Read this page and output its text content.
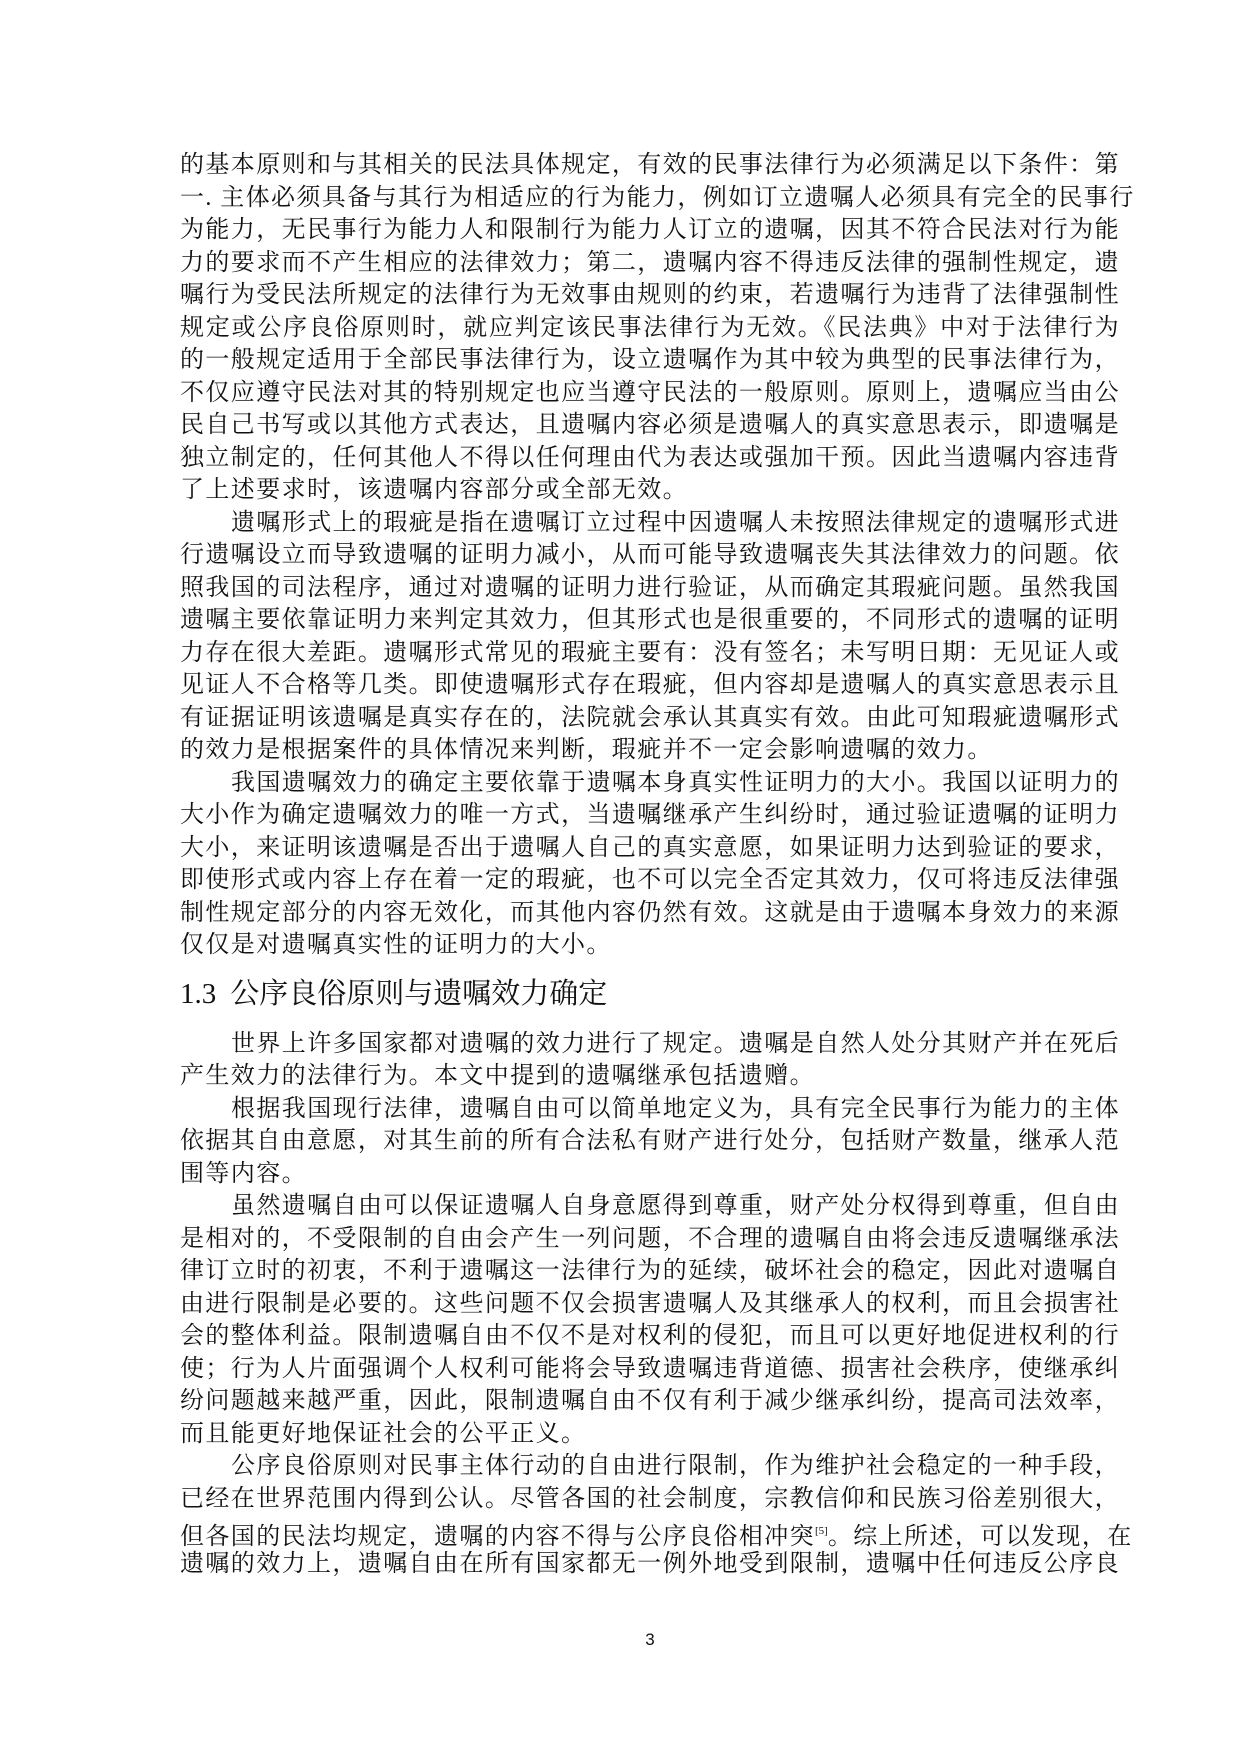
的基本原则和与其相关的民法具体规定，有效的民事法律行为必须满足以下条件：第
一. 主体必须具备与其行为相适应的行为能力，例如订立遗嘱人必须具有完全的民事行
为能力，无民事行为能力人和限制行为能力人订立的遗嘱，因其不符合民法对行为能
力的要求而不产生相应的法律效力；第二，遗嘱内容不得违反法律的强制性规定，遗
嘱行为受民法所规定的法律行为无效事由规则的约束，若遗嘱行为违背了法律强制性
规定或公序良俗原则时，就应判定该民事法律行为无效。《民法典》中对于法律行为
的一般规定适用于全部民事法律行为，设立遗嘱作为其中较为典型的民事法律行为，
不仅应遵守民法对其的特别规定也应当遵守民法的一般原则。原则上，遗嘱应当由公
民自己书写或以其他方式表达，且遗嘱内容必须是遗嘱人的真实意思表示，即遗嘱是
独立制定的，任何其他人不得以任何理由代为表达或强加干预。因此当遗嘱内容违背
了上述要求时，该遗嘱内容部分或全部无效。
遗嘱形式上的瑕疵是指在遗嘱订立过程中因遗嘱人未按照法律规定的遗嘱形式进
行遗嘱设立而导致遗嘱的证明力减小，从而可能导致遗嘱丧失其法律效力的问题。依
照我国的司法程序，通过对遗嘱的证明力进行验证，从而确定其瑕疵问题。虽然我国
遗嘱主要依靠证明力来判定其效力，但其形式也是很重要的，不同形式的遗嘱的证明
力存在很大差距。遗嘱形式常见的瑕疵主要有：没有签名；未写明日期：无见证人或
见证人不合格等几类。即使遗嘱形式存在瑕疵，但内容却是遗嘱人的真实意思表示且
有证据证明该遗嘱是真实存在的，法院就会承认其真实有效。由此可知瑕疵遗嘱形式
的效力是根据案件的具体情况来判断，瑕疵并不一定会影响遗嘱的效力。
我国遗嘱效力的确定主要依靠于遗嘱本身真实性证明力的大小。我国以证明力的
大小作为确定遗嘱效力的唯一方式，当遗嘱继承产生纠纷时，通过验证遗嘱的证明力
大小，来证明该遗嘱是否出于遗嘱人自己的真实意愿，如果证明力达到验证的要求，
即使形式或内容上存在着一定的瑕疵，也不可以完全否定其效力，仅可将违反法律强
制性规定部分的内容无效化，而其他内容仍然有效。这就是由于遗嘱本身效力的来源
仅仅是对遗嘱真实性的证明力的大小。
1.3 公序良俗原则与遗嘱效力确定
世界上许多国家都对遗嘱的效力进行了规定。遗嘱是自然人处分其财产并在死后
产生效力的法律行为。本文中提到的遗嘱继承包括遗赠。
根据我国现行法律，遗嘱自由可以简单地定义为，具有完全民事行为能力的主体
依据其自由意愿，对其生前的所有合法私有财产进行处分，包括财产数量，继承人范
围等内容。
虽然遗嘱自由可以保证遗嘱人自身意愿得到尊重，财产处分权得到尊重，但自由
是相对的，不受限制的自由会产生一列问题，不合理的遗嘱自由将会违反遗嘱继承法
律订立时的初衷，不利于遗嘱这一法律行为的延续，破坏社会的稳定，因此对遗嘱自
由进行限制是必要的。这些问题不仅会损害遗嘱人及其继承人的权利，而且会损害社
会的整体利益。限制遗嘱自由不仅不是对权利的侵犯，而且可以更好地促进权利的行
使；行为人片面强调个人权利可能将会导致遗嘱违背道德、损害社会秩序，使继承纠
纷问题越来越严重，因此，限制遗嘱自由不仅有利于减少继承纠纷，提高司法效率，
而且能更好地保证社会的公平正义。
公序良俗原则对民事主体行动的自由进行限制，作为维护社会稳定的一种手段，
已经在世界范围内得到公认。尽管各国的社会制度，宗教信仰和民族习俗差别很大，
但各国的民法均规定，遗嘱的内容不得与公序良俗相冲突[5]。综上所述，可以发现，在
遗嘱的效力上，遗嘱自由在所有国家都无一例外地受到限制，遗嘱中任何违反公序良
3
